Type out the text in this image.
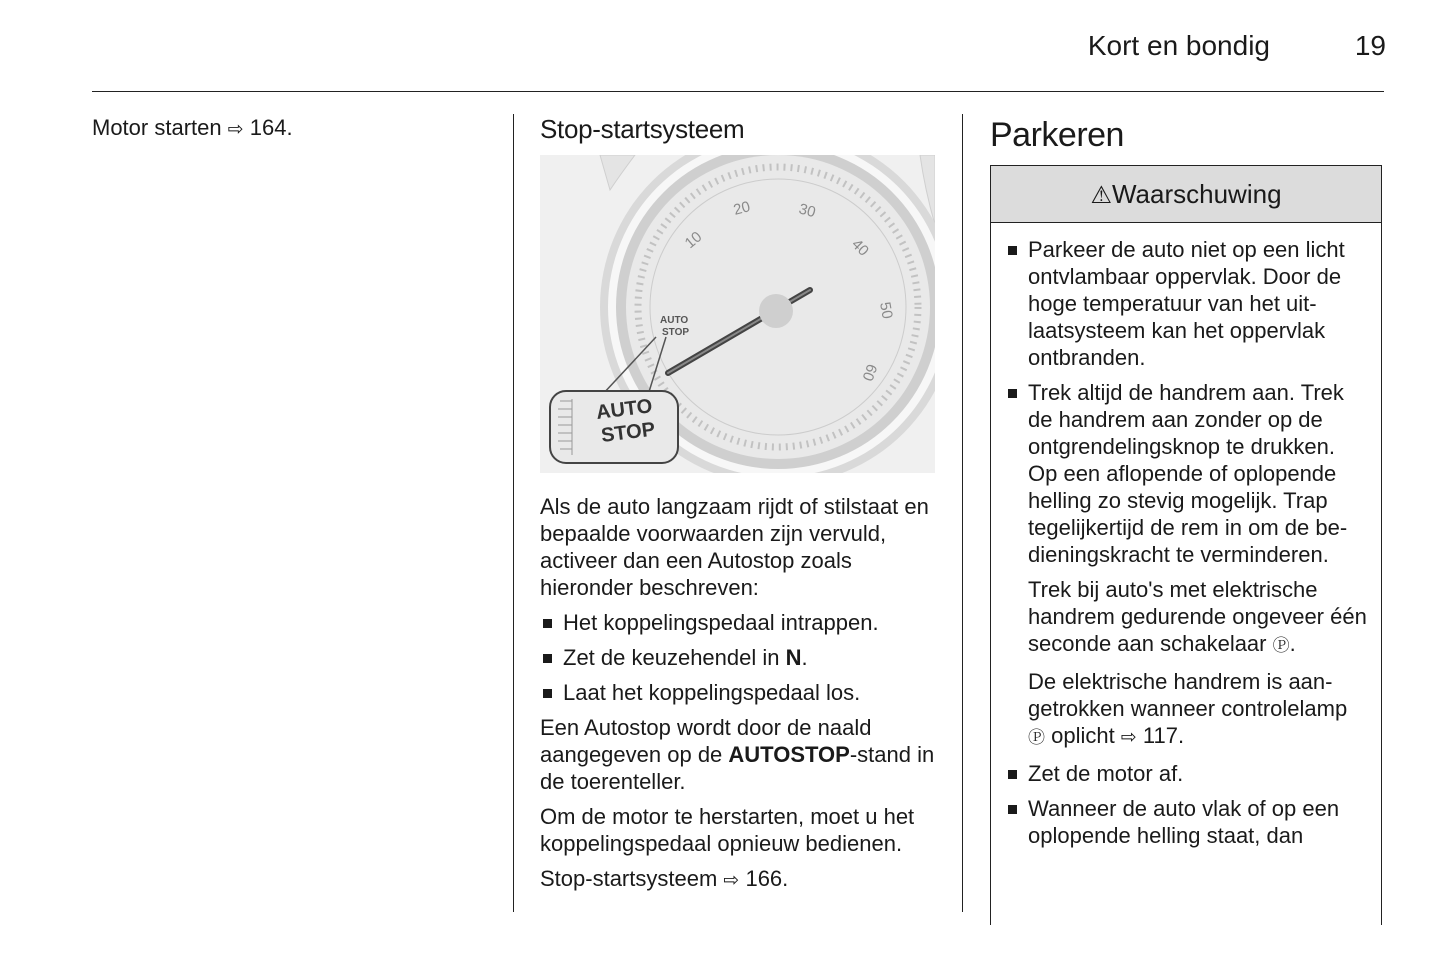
Kort en bondig	19
Motor starten ⇨ 164.	Stop-startsysteem
10
20	30
40
50
60
AUTO
STOP
AUTO
STOP
Als de auto langzaam rijdt of stilstaat en bepaalde voorwaarden zijn vervuld, activeer dan een Autostop zoals hieronder beschreven:
Het koppelingspedaal intrappen.
Zet de keuzehendel in N.
Laat het koppelingspedaal los.
Een Autostop wordt door de naald aangegeven op de AUTOSTOP-stand in de toerenteller.
Om de motor te herstarten, moet u het koppelingspedaal opnieuw bedienen.
Stop-startsysteem ⇨ 166.
Parkeren
⚠Waarschuwing
Parkeer de auto niet op een licht ontvlambaar oppervlak. Door de hoge temperatuur van het uitlaatsysteem kan het oppervlak ontbranden.
Trek altijd de handrem aan. Trek de handrem aan zonder op de ontgrendelingsknop te drukken. Op een aflopende of oplopende helling zo stevig mogelijk. Trap tegelijkertijd de rem in om de bedieningskracht te verminderen.
Trek bij auto's met elektrische handrem gedurende ongeveer één seconde aan schakelaar Ⓟ.
De elektrische handrem is aangetrokken wanneer controlelamp Ⓟ oplicht ⇨ 117.
Zet de motor af.
Wanneer de auto vlak of op een oplopende helling staat, dan
